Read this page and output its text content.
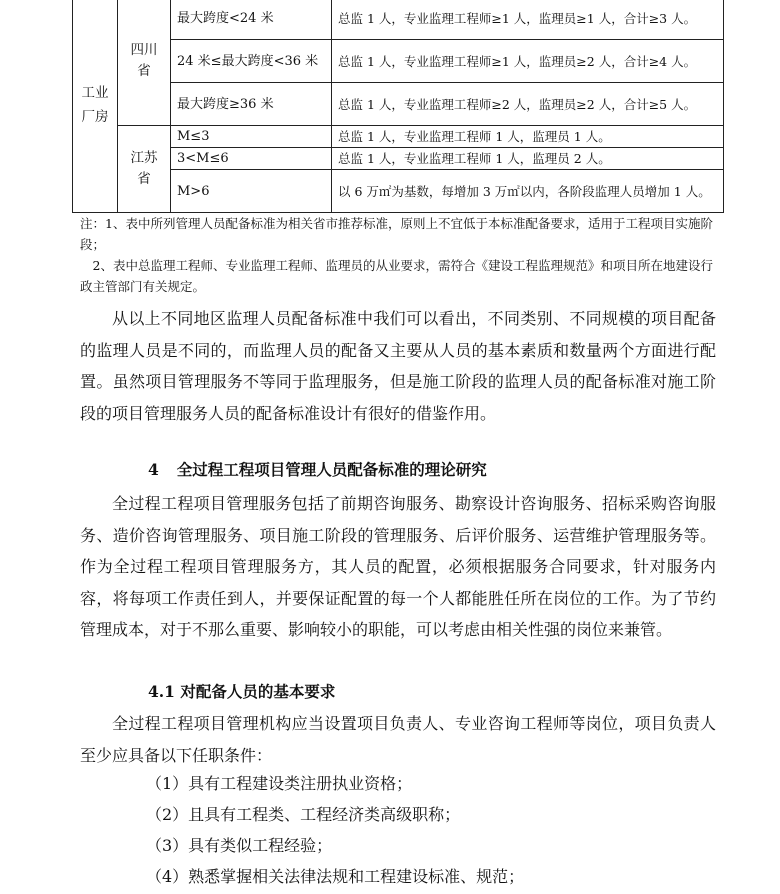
工业
厂房	四川省	最大跨度<24 米	总监 1 人，专业监理工程师≥1 人，监理员≥1 人，合计≥3 人。
		24 米≤最大跨度<36 米	总监 1 人，专业监理工程师≥1 人，监理员≥2 人，合计≥4 人。
		最大跨度≥36 米	总监 1 人，专业监理工程师≥2 人，监理员≥2 人，合计≥5 人。
	江苏省	M≤3	总监 1 人，专业监理工程师 1 人，监理员 1 人。
		3<M≤6	总监 1 人，专业监理工程师 1 人，监理员 2 人。
		M>6	以 6 万㎡为基数，每增加 3 万㎡以内，各阶段监理人员增加 1 人。

注：1、表中所列管理人员配备标准为相关省市推荐标准，原则上不宜低于本标准配备要求，适用于工程项目实施阶段；

　2、表中总监理工程师、专业监理工程师、监理员的从业要求，需符合《建设工程监理规范》和项目所在地建设行政主管部门有关规定。

从以上不同地区监理人员配备标准中我们可以看出，不同类别、不同规模的项目配备的监理人员是不同的，而监理人员的配备又主要从人员的基本素质和数量两个方面进行配置。虽然项目管理服务不等同于监理服务，但是施工阶段的监理人员的配备标准对施工阶段的项目管理服务人员的配备标准设计有很好的借鉴作用。

4 全过程工程项目管理人员配备标准的理论研究

全过程工程项目管理服务包括了前期咨询服务、勘察设计咨询服务、招标采购咨询服务、造价咨询管理服务、项目施工阶段的管理服务、后评价服务、运营维护管理服务等。作为全过程工程项目管理服务方，其人员的配置，必须根据服务合同要求，针对服务内容，将每项工作责任到人，并要保证配置的每一个人都能胜任所在岗位的工作。为了节约管理成本，对于不那么重要、影响较小的职能，可以考虑由相关性强的岗位来兼管。

4.1 对配备人员的基本要求

全过程工程项目管理机构应当设置项目负责人、专业咨询工程师等岗位，项目负责人至少应具备以下任职条件：

（1）具有工程建设类注册执业资格；

（2）且具有工程类、工程经济类高级职称；

（3）具有类似工程经验；

（4）熟悉掌握相关法律法规和工程建设标准、规范；
